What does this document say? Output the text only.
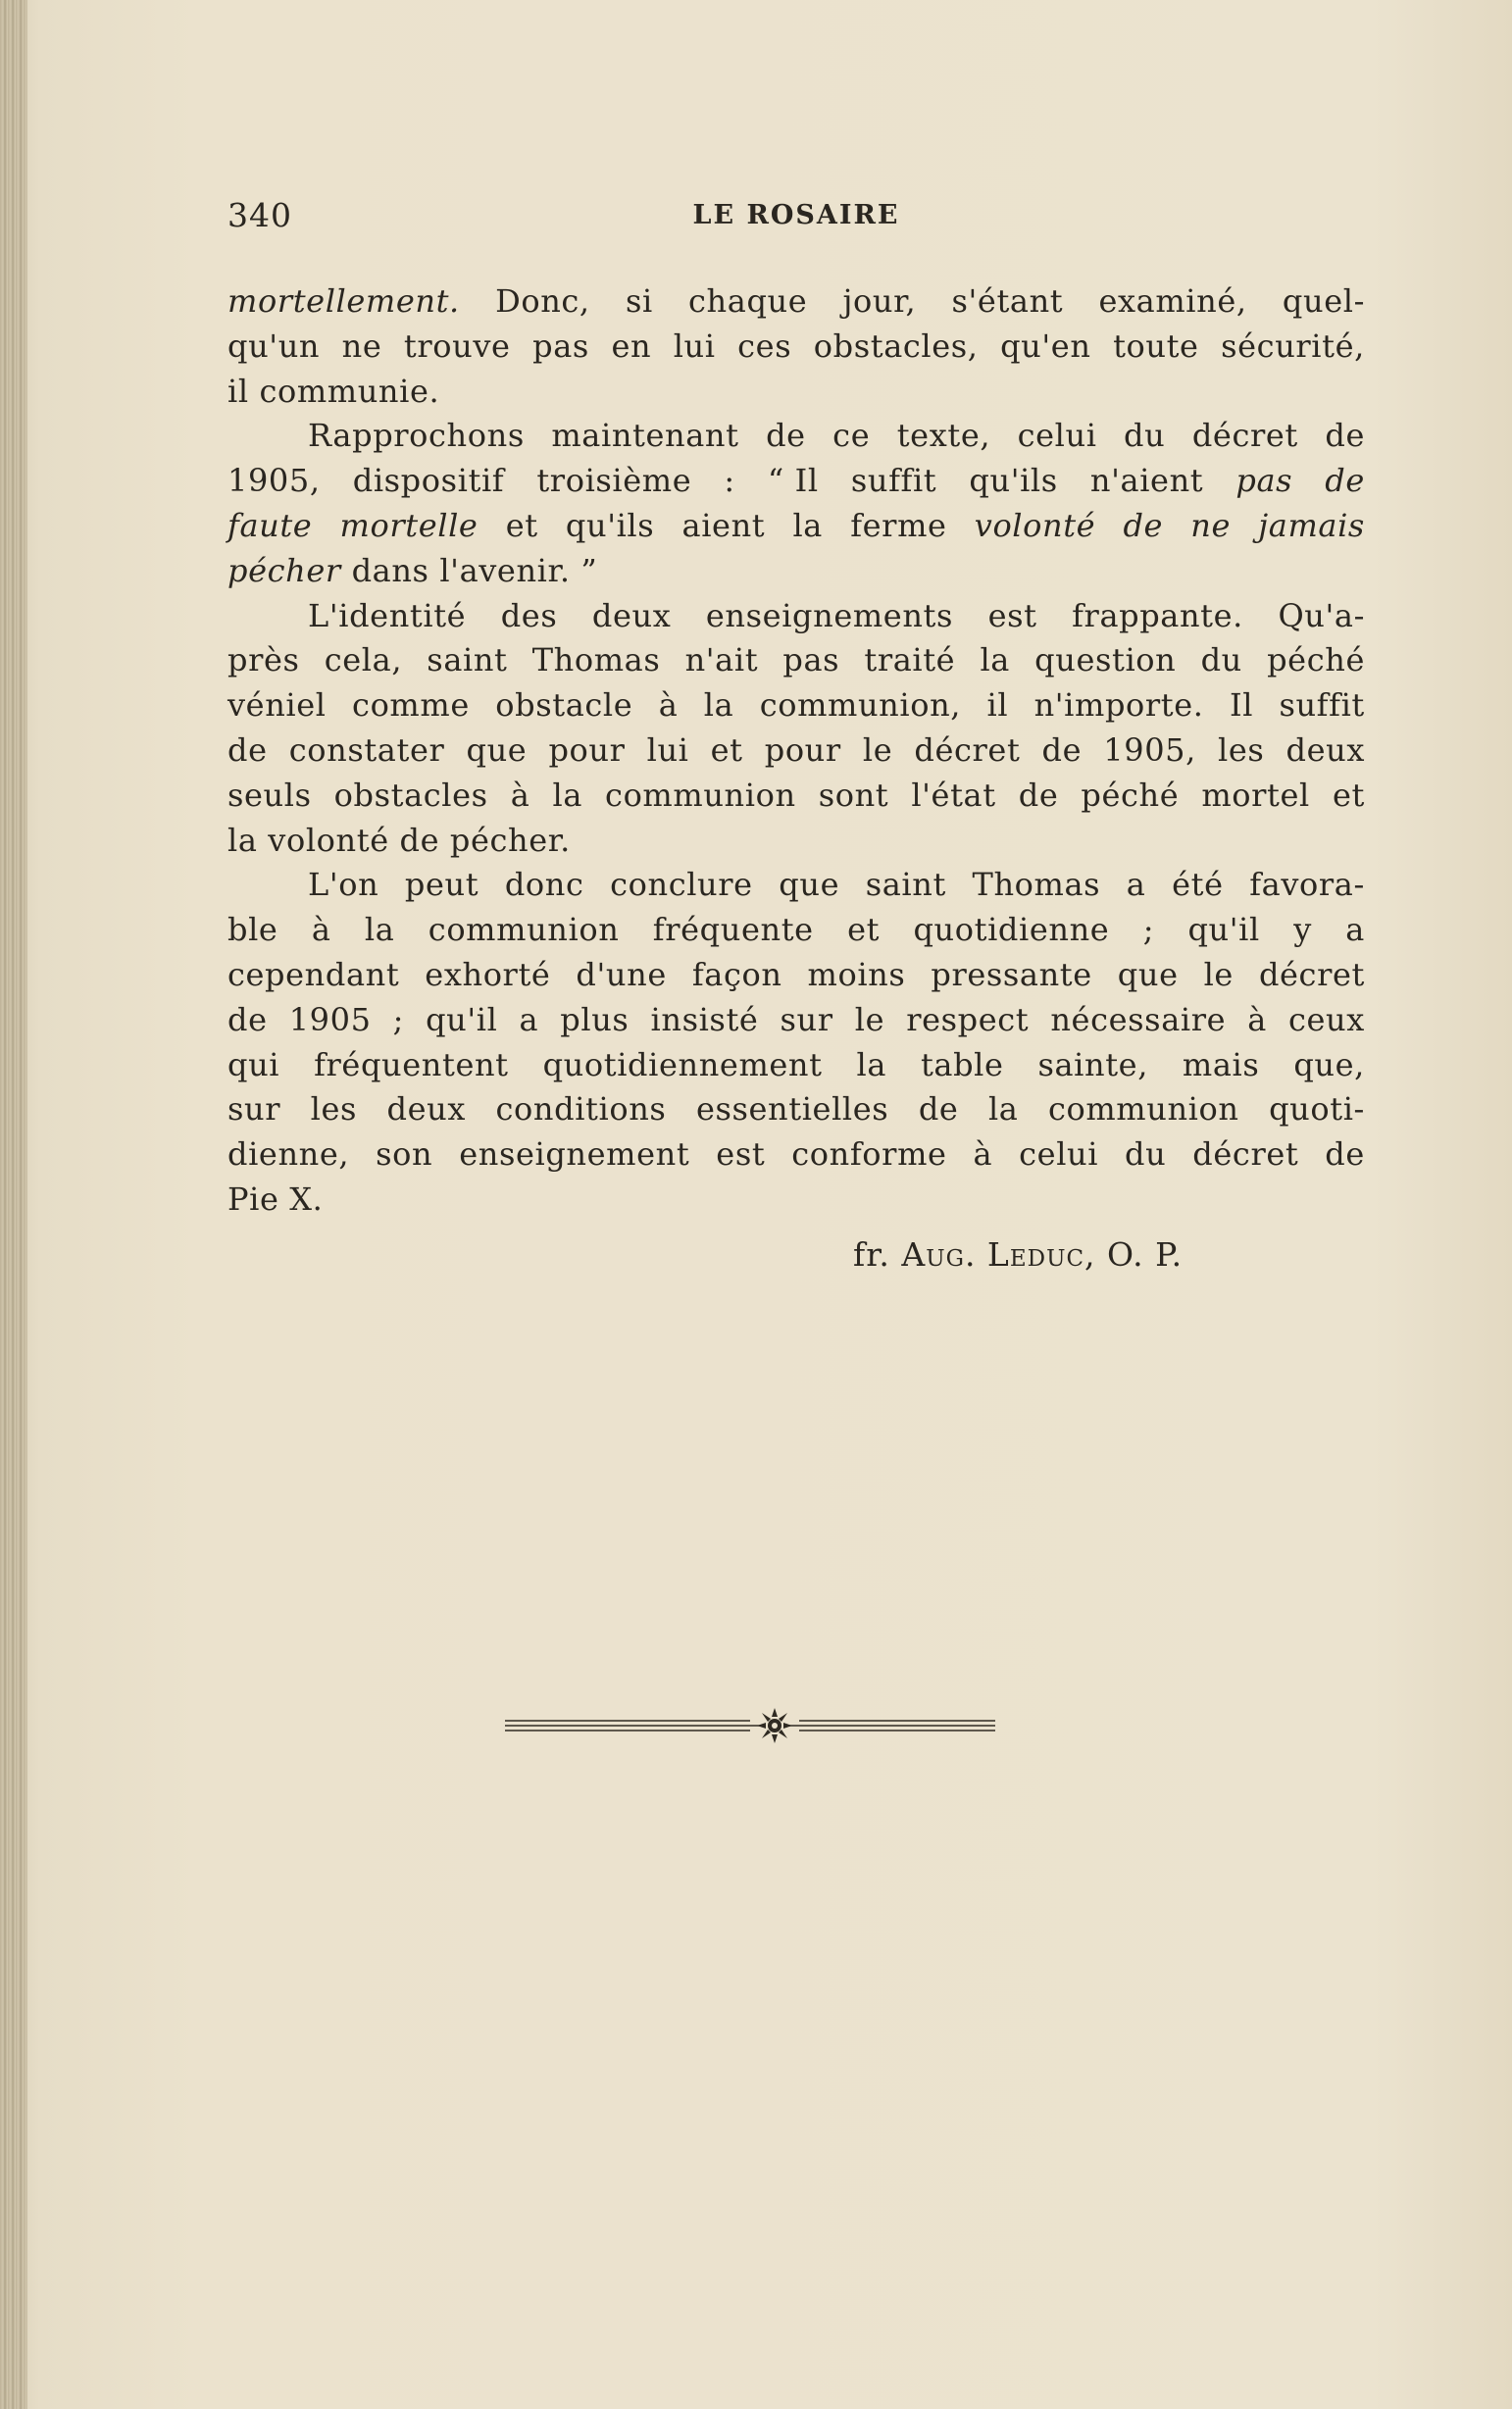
340	LE ROSAIRE
mortellement. Donc, si chaque jour, s'étant examiné, quel-
qu'un ne trouve pas en lui ces obstacles, qu'en toute sécurité,
il communie.
Rapprochons maintenant de ce texte, celui du décret de
1905, dispositif troisième : “ Il suffit qu'ils n'aient pas de
faute mortelle et qu'ils aient la ferme volonté de ne jamais
pécher
dans l'avenir. ”
L'identité des deux enseignements est frappante. Qu'a-
près cela, saint Thomas n'ait pas traité la question du péché
véniel comme obstacle à la communion, il n'importe. Il suffit
de constater que pour lui et pour le décret de 1905, les deux
seuls obstacles à la communion sont l'état de péché mortel et
la volonté de pécher.
L'on peut donc conclure que saint Thomas a été favora-
ble à la communion fréquente et quotidienne ; qu'il y a
cependant exhorté d'une façon moins pressante que le décret
de 1905 ; qu'il a plus insisté sur le respect nécessaire à ceux
qui fréquentent quotidiennement la table sainte, mais que,
sur les deux conditions essentielles de la communion quoti-
dienne, son enseignement est conforme à celui du décret de
Pie X.
fr. Aug. Leduc, O. P.
